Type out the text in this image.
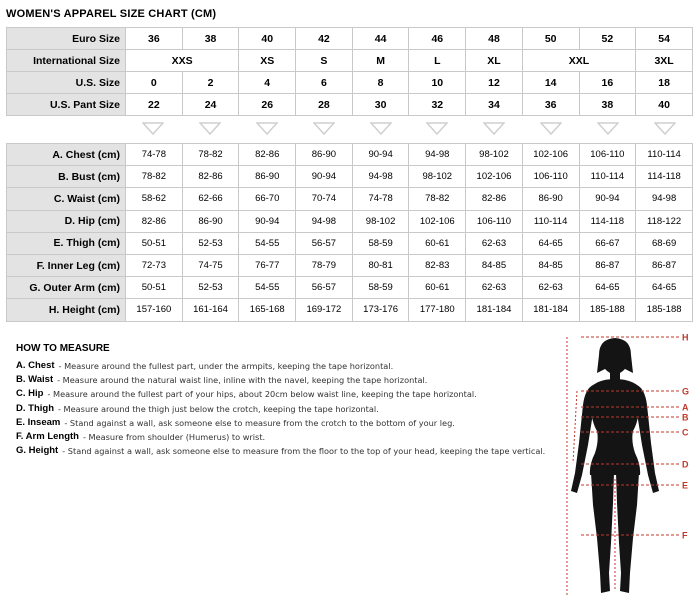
WOMEN'S APPAREL SIZE CHART (CM)
Euro Size	36	38	40	42	44	46	48	50	52	54
International Size	XXS		XS	S	M	L	XL	XXL		3XL
U.S. Size	0	2	4	6	8	10	12	14	16	18
U.S. Pant Size	22	24	26	28	30	32	34	36	38	40
A. Chest (cm)	74-78	78-82	82-86	86-90	90-94	94-98	98-102	102-106	106-110	110-114
B. Bust (cm)	78-82	82-86	86-90	90-94	94-98	98-102	102-106	106-110	110-114	114-118
C. Waist (cm)	58-62	62-66	66-70	70-74	74-78	78-82	82-86	86-90	90-94	94-98
D. Hip (cm)	82-86	86-90	90-94	94-98	98-102	102-106	106-110	110-114	114-118	118-122
E. Thigh (cm)	50-51	52-53	54-55	56-57	58-59	60-61	62-63	64-65	66-67	68-69
F. Inner Leg (cm)	72-73	74-75	76-77	78-79	80-81	82-83	84-85	84-85	86-87	86-87
G. Outer Arm (cm)	50-51	52-53	54-55	56-57	58-59	60-61	62-63	62-63	64-65	64-65
H. Height (cm)	157-160	161-164	165-168	169-172	173-176	177-180	181-184	181-184	185-188	185-188
HOW TO MEASURE
A. Chest - Measure around the fullest part, under the armpits, keeping the tape horizontal.
B. Waist - Measure around the natural waist line, inline with the navel, keeping the tape horizontal.
C. Hip - Measure around the fullest part of your hips, about 20cm below waist line, keeping the tape horizontal.
D. Thigh - Measure around the thigh just below the crotch, keeping the tape horizontal.
E. Inseam - Stand against a wall, ask someone else to measure from the crotch to the bottom of your leg.
F. Arm Length - Measure from shoulder (Humerus) to wrist.
G. Height - Stand against a wall, ask someone else to measure from the floor to the top of your head, keeping the tape vertical.
H
G
A
B
C
D
E
F
